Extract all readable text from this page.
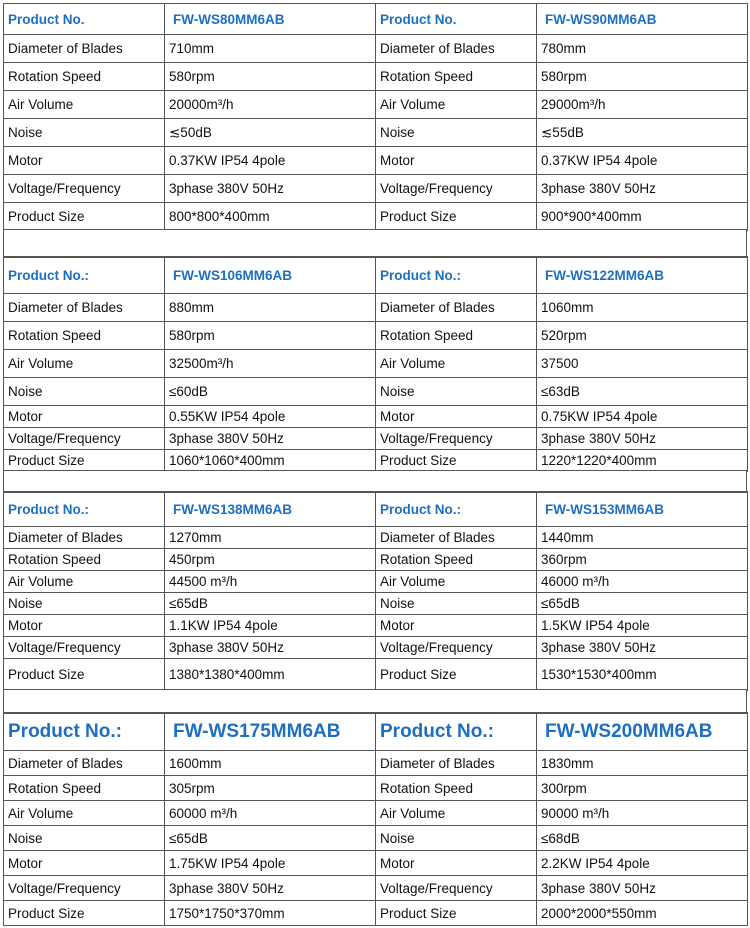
Product No.	FW-WS80MM6AB	Product No.	FW-WS90MM6AB
Diameter of Blades	710mm	Diameter of Blades	780mm
Rotation Speed	580rpm	Rotation Speed	580rpm
Air Volume	20000m³/h	Air Volume	29000m³/h
Noise	≲50dB	Noise	≲55dB
Motor	0.37KW IP54 4pole	Motor	0.37KW IP54 4pole
Voltage/Frequency	3phase 380V 50Hz	Voltage/Frequency	3phase 380V 50Hz
Product Size	800*800*400mm	Product Size	900*900*400mm
Product No.:	FW-WS106MM6AB	Product No.:	FW-WS122MM6AB
Diameter of Blades	880mm	Diameter of Blades	1060mm
Rotation Speed	580rpm	Rotation Speed	520rpm
Air Volume	32500m³/h	Air Volume	37500
Noise	≤60dB	Noise	≤63dB
Motor	0.55KW IP54 4pole	Motor	0.75KW IP54 4pole
Voltage/Frequency	3phase 380V 50Hz	Voltage/Frequency	3phase 380V 50Hz
Product Size	1060*1060*400mm	Product Size	1220*1220*400mm
Product No.:	FW-WS138MM6AB	Product No.:	FW-WS153MM6AB
Diameter of Blades	1270mm	Diameter of Blades	1440mm
Rotation Speed	450rpm	Rotation Speed	360rpm
Air Volume	44500 m³/h	Air Volume	46000 m³/h
Noise	≤65dB	Noise	≤65dB
Motor	1.1KW IP54 4pole	Motor	1.5KW IP54 4pole
Voltage/Frequency	3phase 380V 50Hz	Voltage/Frequency	3phase 380V 50Hz
Product Size	1380*1380*400mm	Product Size	1530*1530*400mm
Product No.:	FW-WS175MM6AB	Product No.:	FW-WS200MM6AB
Diameter of Blades	1600mm	Diameter of Blades	1830mm
Rotation Speed	305rpm	Rotation Speed	300rpm
Air Volume	60000 m³/h	Air Volume	90000 m³/h
Noise	≤65dB	Noise	≤68dB
Motor	1.75KW IP54 4pole	Motor	2.2KW IP54 4pole
Voltage/Frequency	3phase 380V 50Hz	Voltage/Frequency	3phase 380V 50Hz
Product Size	1750*1750*370mm	Product Size	2000*2000*550mm
